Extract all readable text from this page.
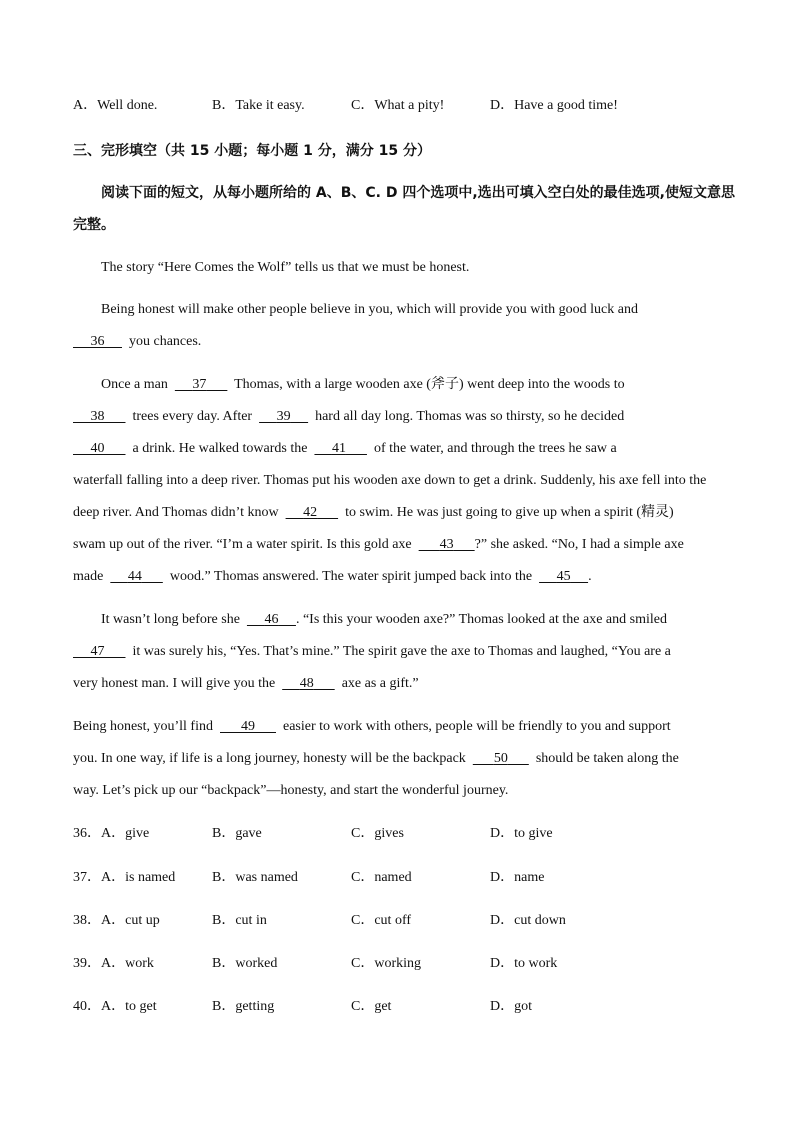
A．Well done.	B．Take it easy.	C．What a pity!	D．Have a good time!
三、完形填空（共 15 小题；每小题 1 分，满分 15 分）
阅读下面的短文，从每小题所给的 A、B、C. D 四个选项中,选出可填入空白处的最佳选项,使短文意思
完整。
The story “Here Comes the Wolf” tells us that we must be honest.
Being honest will make other people believe in you, which will provide you with good luck and
36 you chances.
Once a man 37 Thomas, with a large wooden axe (斧子) went deep into the woods to
38 trees every day. After 39 hard all day long. Thomas was so thirsty, so he decided
40 a drink. He walked towards the 41 of the water, and through the trees he saw a
waterfall falling into a deep river. Thomas put his wooden axe down to get a drink. Suddenly, his axe fell into the
deep river. And Thomas didn’t know 42 to swim. He was just going to give up when a spirit (精灵)
swam up out of the river. “I’m a water spirit. Is this gold axe 43 ?” she asked. “No, I had a simple axe
made 44 wood.” Thomas answered. The water spirit jumped back into the 45 .
It wasn’t long before she 46 . “Is this your wooden axe?” Thomas looked at the axe and smiled
47 it was surely his, “Yes. That’s mine.” The spirit gave the axe to Thomas and laughed, “You are a
very honest man. I will give you the 48 axe as a gift.”
Being honest, you’ll find 49 easier to work with others, people will be friendly to you and support
you. In one way, if life is a long journey, honesty will be the backpack 50 should be taken along the
way. Let’s pick up our “backpack”—honesty, and start the wonderful journey.
36． A．give	B．gave	C．gives	D．to give
37． A．is named	B．was named	C．named	D．name
38． A．cut up	B．cut in	C．cut off	D．cut down
39． A．work	B．worked	C．working	D．to work
40． A．to get	B．getting	C．get	D．got
